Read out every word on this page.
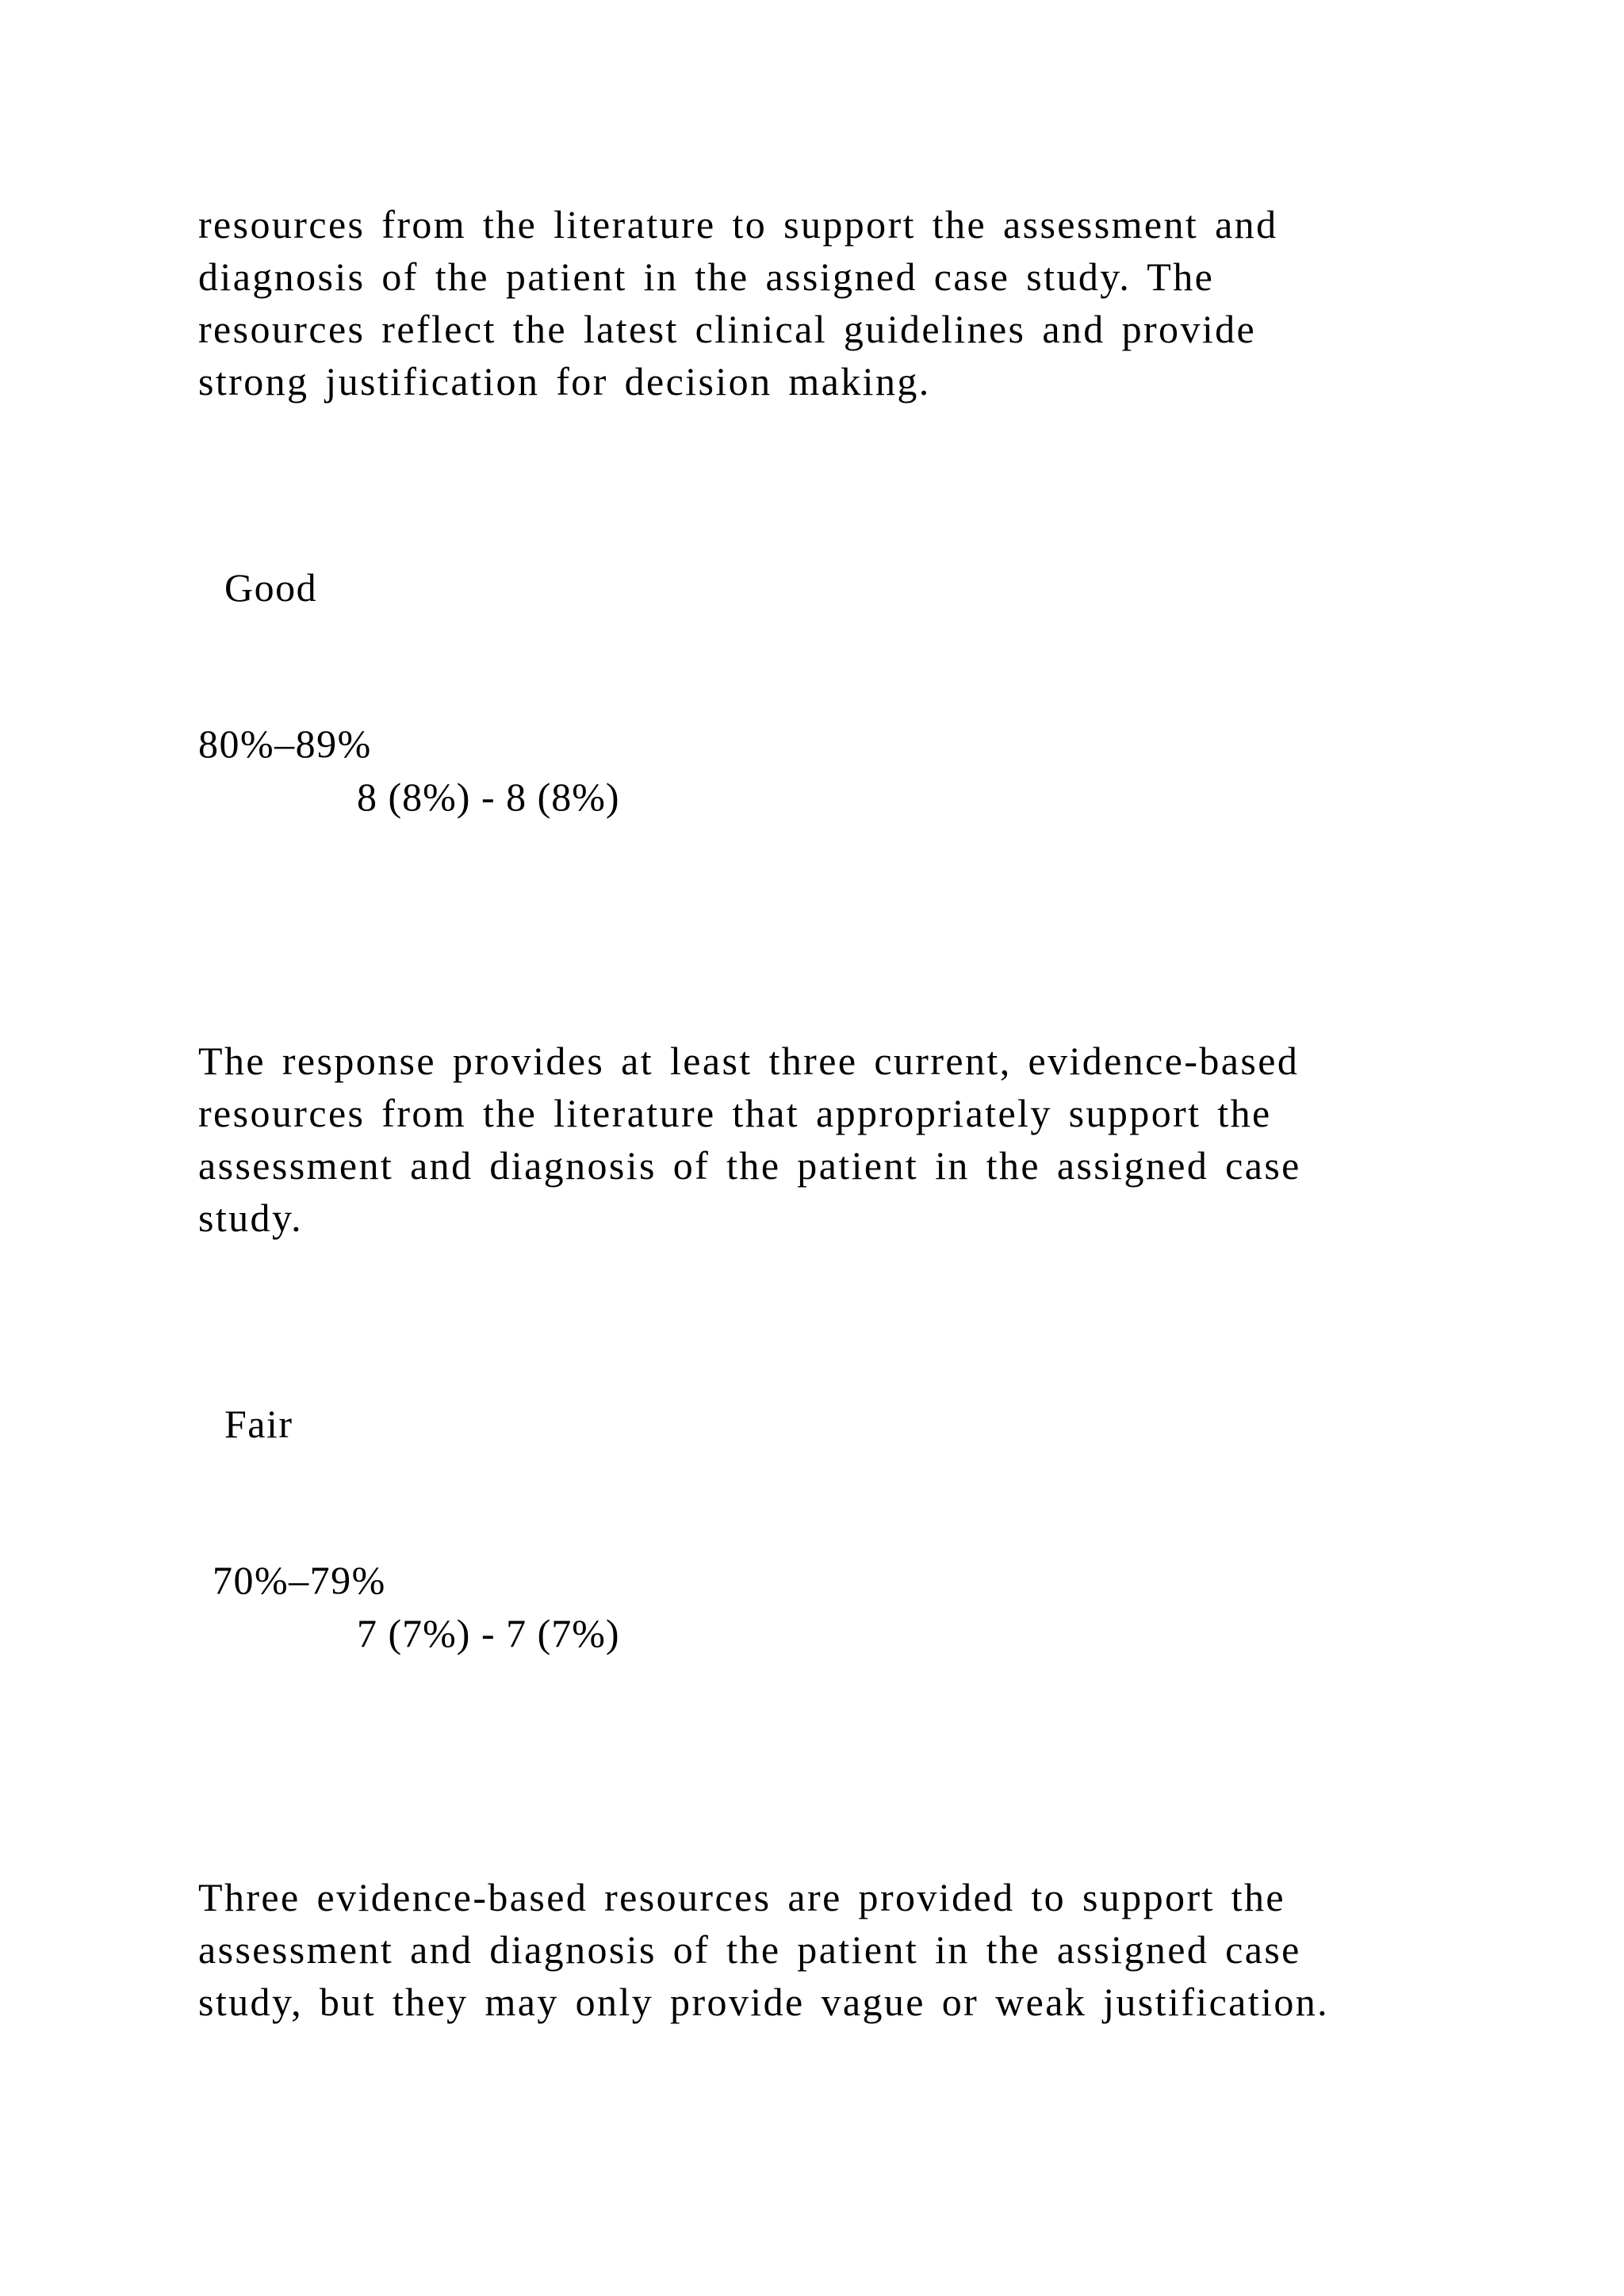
resources from the literature to support the assessment and
diagnosis of the patient in the assigned case study. The
resources reflect the latest clinical guidelines and provide
strong justification for decision making.

Good

80%–89%

8 (8%) - 8 (8%)

The response provides at least three current, evidence-based
resources from the literature that appropriately support the
assessment and diagnosis of the patient in the assigned case
study.

Fair

70%–79%

7 (7%) - 7 (7%)

Three evidence-based resources are provided to support the
assessment and diagnosis of the patient in the assigned case
study, but they may only provide vague or weak justification.
